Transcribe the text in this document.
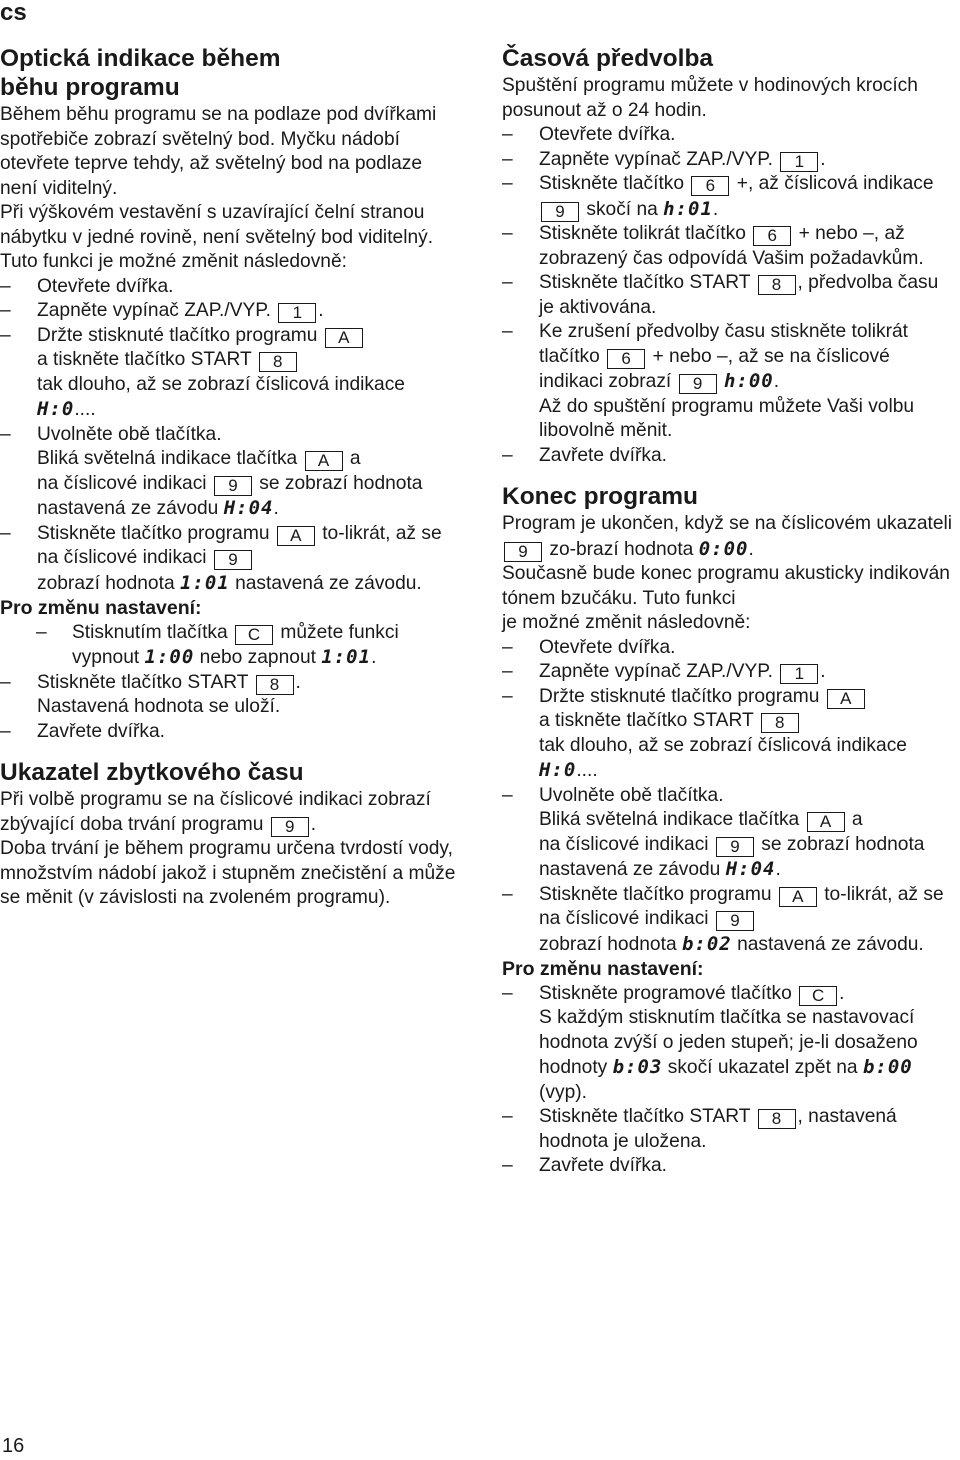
cs
Optická indikace během
běhu programu

Během běhu programu se na podlaze pod dvířkami spotřebiče zobrazí světelný bod. Myčku nádobí otevřete teprve tehdy, až světelný bod na podlaze není viditelný.

Při výškovém vestavění s uzavírající čelní stranou nábytku v jedné rovině, není světelný bod viditelný.

Tuto funkci je možné změnit následovně:

– Otevřete dvířka.
– Zapněte vypínač ZAP./VYP. 1 .
– Držte stisknuté tlačítko programu A
a tiskněte tlačítko START 8
tak dlouho, až se zobrazí číslicová indikace H:0....
– Uvolněte obě tlačítka.

Bliká světelná indikace tlačítka A a
na číslicové indikaci 9 se zobrazí hodnota nastavená ze závodu H:04.

– Stiskněte tlačítko programu A to-likrát, až se na číslicové indikaci 9
zobrazí hodnota 1:01 nastavená ze závodu.

Pro změnu nastavení:

– Stisknutím tlačítka C můžete funkci vypnout 1:00 nebo zapnout 1:01.
– Stiskněte tlačítko START 8 .
Nastavená hodnota se uloží.
– Zavřete dvířka.
Ukazatel zbytkového času

Při volbě programu se na číslicové indikaci zobrazí zbývající doba trvání programu 9 .

Doba trvání je během programu určena tvrdostí vody, množstvím nádobí jakož i stupněm znečistění a může se měnit (v závislosti na zvoleném programu).

Časová předvolba

Spuštění programu můžete v hodinových krocích posunout až o 24 hodin.

– Otevřete dvířka.
– Zapněte vypínač ZAP./VYP. 1 .
– Stiskněte tlačítko 6 +, až číslicová indikace 9 skočí na h:01.
– Stiskněte tolikrát tlačítko 6 + nebo –, až zobrazený čas odpovídá Vašim požadavkům.
– Stiskněte tlačítko START 8 , předvolba času je aktivována.
– Ke zrušení předvolby času stiskněte tolikrát tlačítko 6 + nebo –, až se na číslicové indikaci zobrazí 9 h:00.

Až do spuštění programu můžete Vaši volbu libovolně měnit.

– Zavřete dvířka.
Konec programu

Program je ukončen, když se na číslicovém ukazateli 9 zo-brazí hodnota 0:00.

Současně bude konec programu akusticky indikován tónem bzučáku. Tuto funkci

je možné změnit následovně:

– Otevřete dvířka.
– Zapněte vypínač ZAP./VYP. 1 .
– Držte stisknuté tlačítko programu A
a tiskněte tlačítko START 8
tak dlouho, až se zobrazí číslicová indikace H:0....
– Uvolněte obě tlačítka.

Bliká světelná indikace tlačítka A a
na číslicové indikaci 9 se zobrazí hodnota nastavená ze závodu H:04.

– Stiskněte tlačítko programu A to-likrát, až se na číslicové indikaci 9
zobrazí hodnota b:02 nastavená ze závodu.

Pro změnu nastavení:

– Stiskněte programové tlačítko C .
S každým stisknutím tlačítka se nastavovací hodnota zvýší o jeden stupeň; je-li dosaženo hodnoty b:03 skočí ukazatel zpět na b:00 (vyp).
– Stiskněte tlačítko START 8 , nastavená hodnota je uložena.
– Zavřete dvířka.
16
